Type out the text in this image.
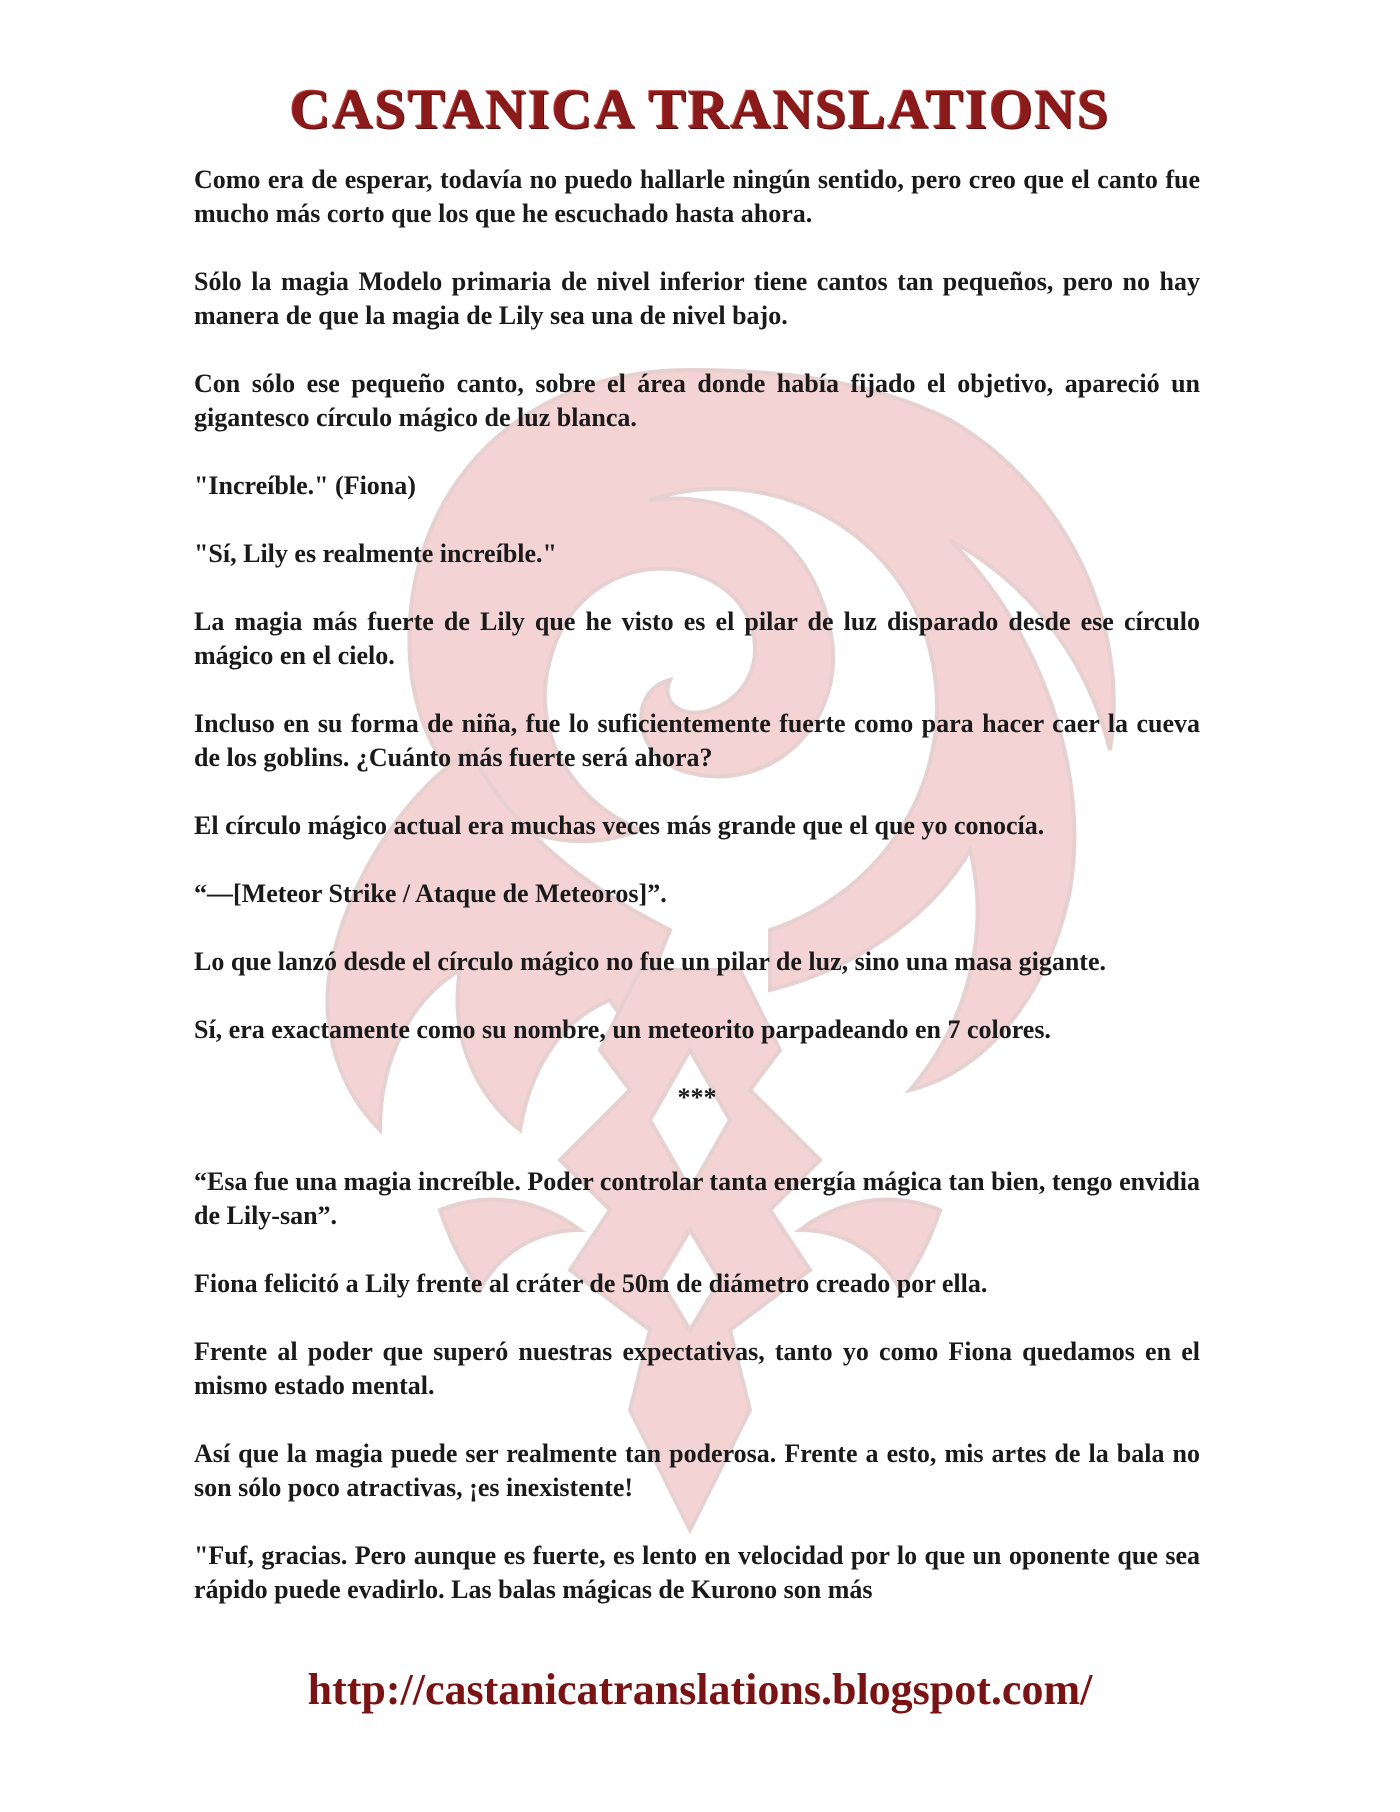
CASTANICA TRANSLATIONS

Como era de esperar, todavía no puedo hallarle ningún sentido, pero creo que el canto fue mucho más corto que los que he escuchado hasta ahora.

Sólo la magia Modelo primaria de nivel inferior tiene cantos tan pequeños, pero no hay manera de que la magia de Lily sea una de nivel bajo.

Con sólo ese pequeño canto, sobre el área donde había fijado el objetivo, apareció un gigantesco círculo mágico de luz blanca.

"Increíble." (Fiona)

"Sí, Lily es realmente increíble."

La magia más fuerte de Lily que he visto es el pilar de luz disparado desde ese círculo mágico en el cielo.

Incluso en su forma de niña, fue lo suficientemente fuerte como para hacer caer la cueva de los goblins. ¿Cuánto más fuerte será ahora?

El círculo mágico actual era muchas veces más grande que el que yo conocía.

“—[Meteor Strike / Ataque de Meteoros]”.

Lo que lanzó desde el círculo mágico no fue un pilar de luz, sino una masa gigante.

Sí, era exactamente como su nombre, un meteorito parpadeando en 7 colores.

***

“Esa fue una magia increíble. Poder controlar tanta energía mágica tan bien, tengo envidia de Lily-san”.

Fiona felicitó a Lily frente al cráter de 50m de diámetro creado por ella.

Frente al poder que superó nuestras expectativas, tanto yo como Fiona quedamos en el mismo estado mental.

Así que la magia puede ser realmente tan poderosa. Frente a esto, mis artes de la bala no son sólo poco atractivas, ¡es inexistente!

"Fuf, gracias. Pero aunque es fuerte, es lento en velocidad por lo que un oponente que sea rápido puede evadirlo. Las balas mágicas de Kurono son más

http://castanicatranslations.blogspot.com/
